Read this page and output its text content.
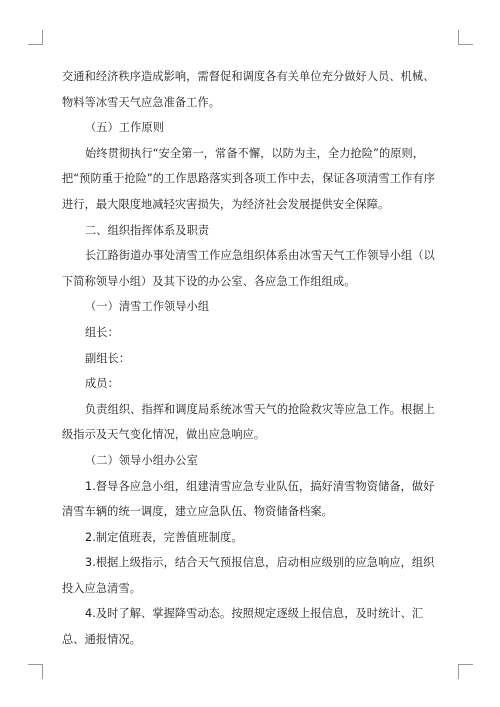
交通和经济秩序造成影响，需督促和调度各有关单位充分做好人员、机械、物料等冰雪天气应急准备工作。

（五）工作原则

始终贯彻执行“安全第一，常备不懈，以防为主，全力抢险”的原则，把“预防重于抢险”的工作思路落实到各项工作中去，保证各项清雪工作有序进行，最大限度地减轻灾害损失，为经济社会发展提供安全保障。

二、组织指挥体系及职责

长江路街道办事处清雪工作应急组织体系由冰雪天气工作领导小组（以下简称领导小组）及其下设的办公室、各应急工作组组成。

（一）清雪工作领导小组

组长：

副组长：

成员：

负责组织、指挥和调度局系统冰雪天气的抢险救灾等应急工作。根据上级指示及天气变化情况，做出应急响应。

（二）领导小组办公室

1.督导各应急小组，组建清雪应急专业队伍，搞好清雪物资储备，做好清雪车辆的统一调度，建立应急队伍、物资储备档案。

2.制定值班表，完善值班制度。

3.根据上级指示，结合天气预报信息，启动相应级别的应急响应，组织投入应急清雪。

4.及时了解、掌握降雪动态。按照规定逐级上报信息，及时统计、汇总、通报情况。
